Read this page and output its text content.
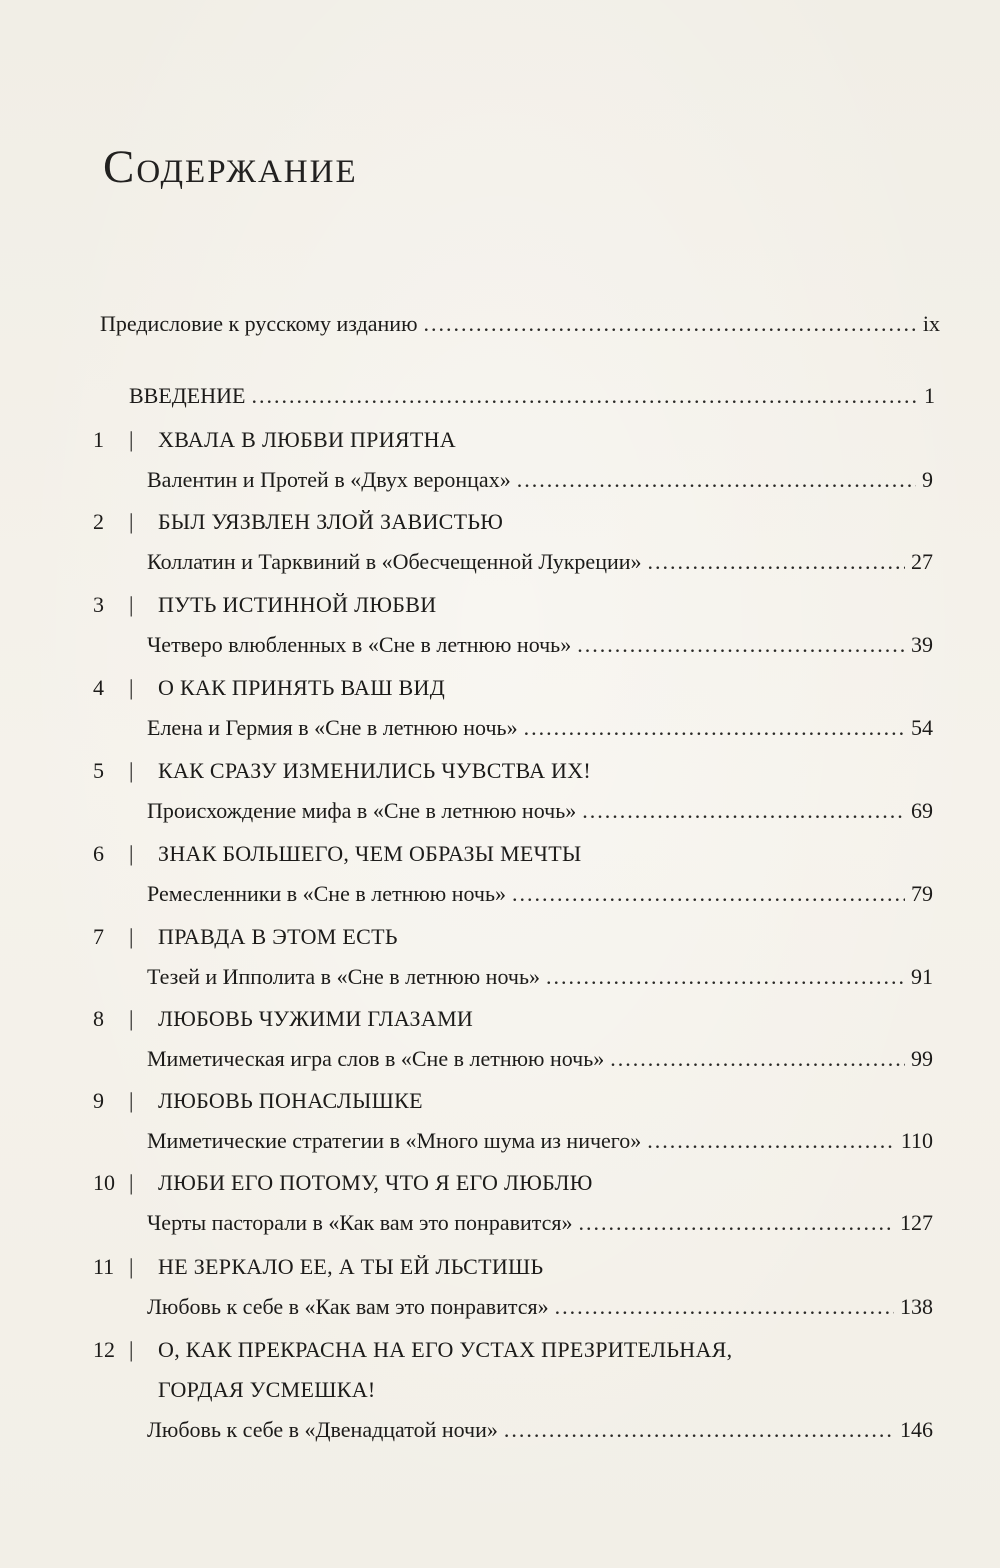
Содержание
Предисловие к русскому изданию .....	ix
ВВЕДЕНИЕ .....	1
1	| ХВАЛА В ЛЮБВИ ПРИЯТНА
Валентин и Протей в «Двух веронцах» .....	9
2	| БЫЛ УЯЗВЛЕН ЗЛОЙ ЗАВИСТЬЮ
Коллатин и Тарквиний в «Обесчещенной Лукреции» .....	27
3	| ПУТЬ ИСТИННОЙ ЛЮБВИ
Четверо влюбленных в «Сне в летнюю ночь» .....	39
4	| О КАК ПРИНЯТЬ ВАШ ВИД
Елена и Гермия в «Сне в летнюю ночь» .....	54
5	| КАК СРАЗУ ИЗМЕНИЛИСЬ ЧУВСТВА ИХ!
Происхождение мифа в «Сне в летнюю ночь» .....	69
6	| ЗНАК БОЛЬШЕГО, ЧЕМ ОБРАЗЫ МЕЧТЫ
Ремесленники в «Сне в летнюю ночь» .....	79
7	| ПРАВДА В ЭТОМ ЕСТЬ
Тезей и Ипполита в «Сне в летнюю ночь» .....	91
8	| ЛЮБОВЬ ЧУЖИМИ ГЛАЗАМИ
Миметическая игра слов в «Сне в летнюю ночь» .....	99
9	| ЛЮБОВЬ ПОНАСЛЫШКЕ
Миметические стратегии в «Много шума из ничего» .....	110
10 | ЛЮБИ ЕГО ПОТОМУ, ЧТО Я ЕГО ЛЮБЛЮ
Черты пасторали в «Как вам это понравится» .....	127
11 | НЕ ЗЕРКАЛО ЕЕ, А ТЫ ЕЙ ЛЬСТИШЬ
Любовь к себе в «Как вам это понравится» .....	138
12 | О, КАК ПРЕКРАСНА НА ЕГО УСТАХ ПРЕЗРИТЕЛЬНАЯ,
ГОРДАЯ УСМЕШКА!
Любовь к себе в «Двенадцатой ночи» .....	146
